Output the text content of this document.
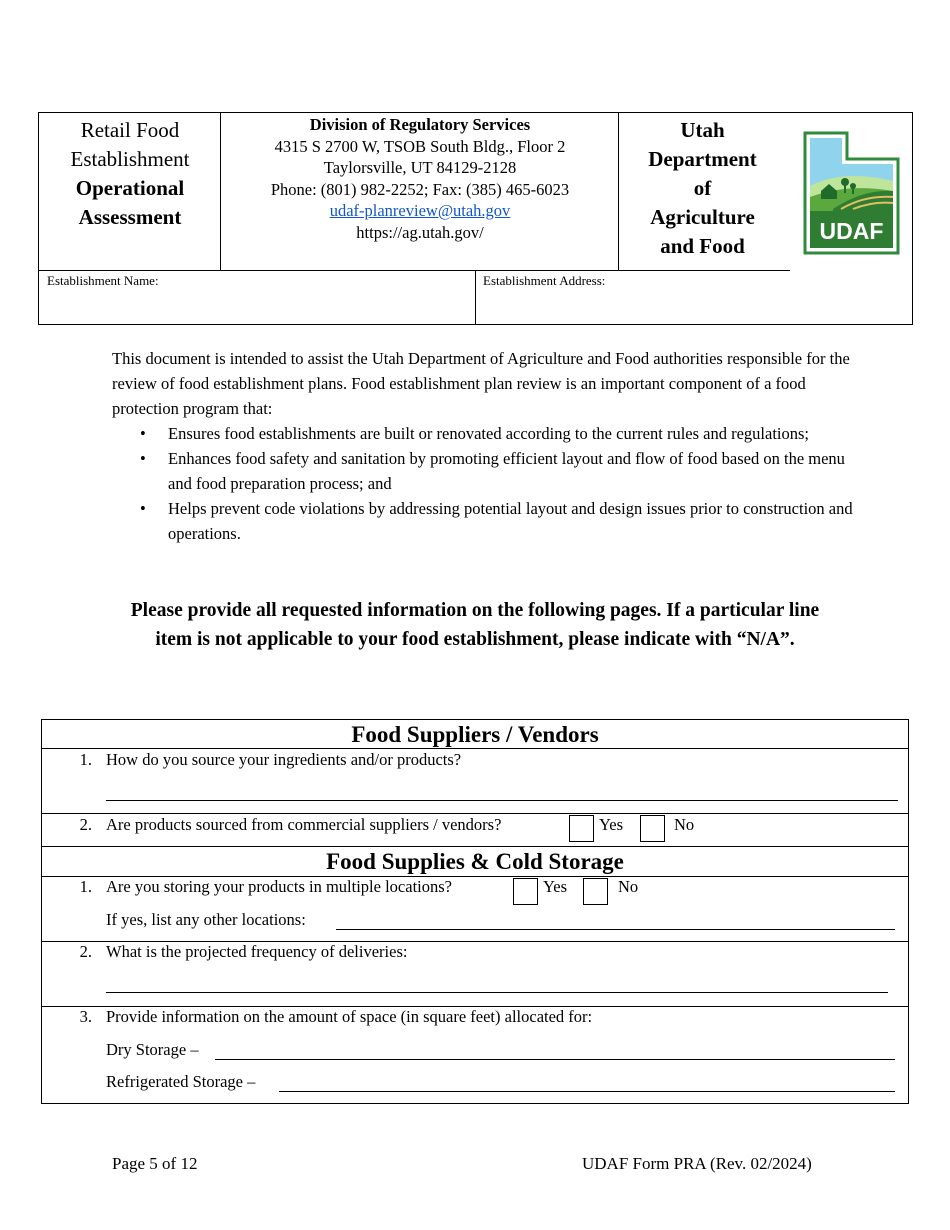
Retail Food
Establishment
Operational
Assessment
Division of Regulatory Services
4315 S 2700 W, TSOB South Bldg., Floor 2
Taylorsville, UT 84129-2128
Phone: (801) 982-2252; Fax: (385) 465-6023
udaf-planreview@utah.gov
https://ag.utah.gov/
Utah
Department
of
Agriculture
and Food
UDAF
Establishment Name:	Establishment Address:
This document is intended to assist the Utah Department of Agriculture and Food authorities responsible for the review of food establishment plans. Food establishment plan review is an important component of a food protection program that:
• Ensures food establishments are built or renovated according to the current rules and regulations;
• Enhances food safety and sanitation by promoting efficient layout and flow of food based on the menu and food preparation process; and
• Helps prevent code violations by addressing potential layout and design issues prior to construction and operations.
Please provide all requested information on the following pages. If a particular line item is not applicable to your food establishment, please indicate with “N/A”.
Food Suppliers / Vendors
1. How do you source your ingredients and/or products?
2. Are products sourced from commercial suppliers / vendors?	Yes	No
Food Supplies & Cold Storage
1. Are you storing your products in multiple locations?	Yes	No
If yes, list any other locations:
2. What is the projected frequency of deliveries:
3. Provide information on the amount of space (in square feet) allocated for:
Dry Storage –
Refrigerated Storage –
Page 5 of 12	UDAF Form PRA (Rev. 02/2024)
